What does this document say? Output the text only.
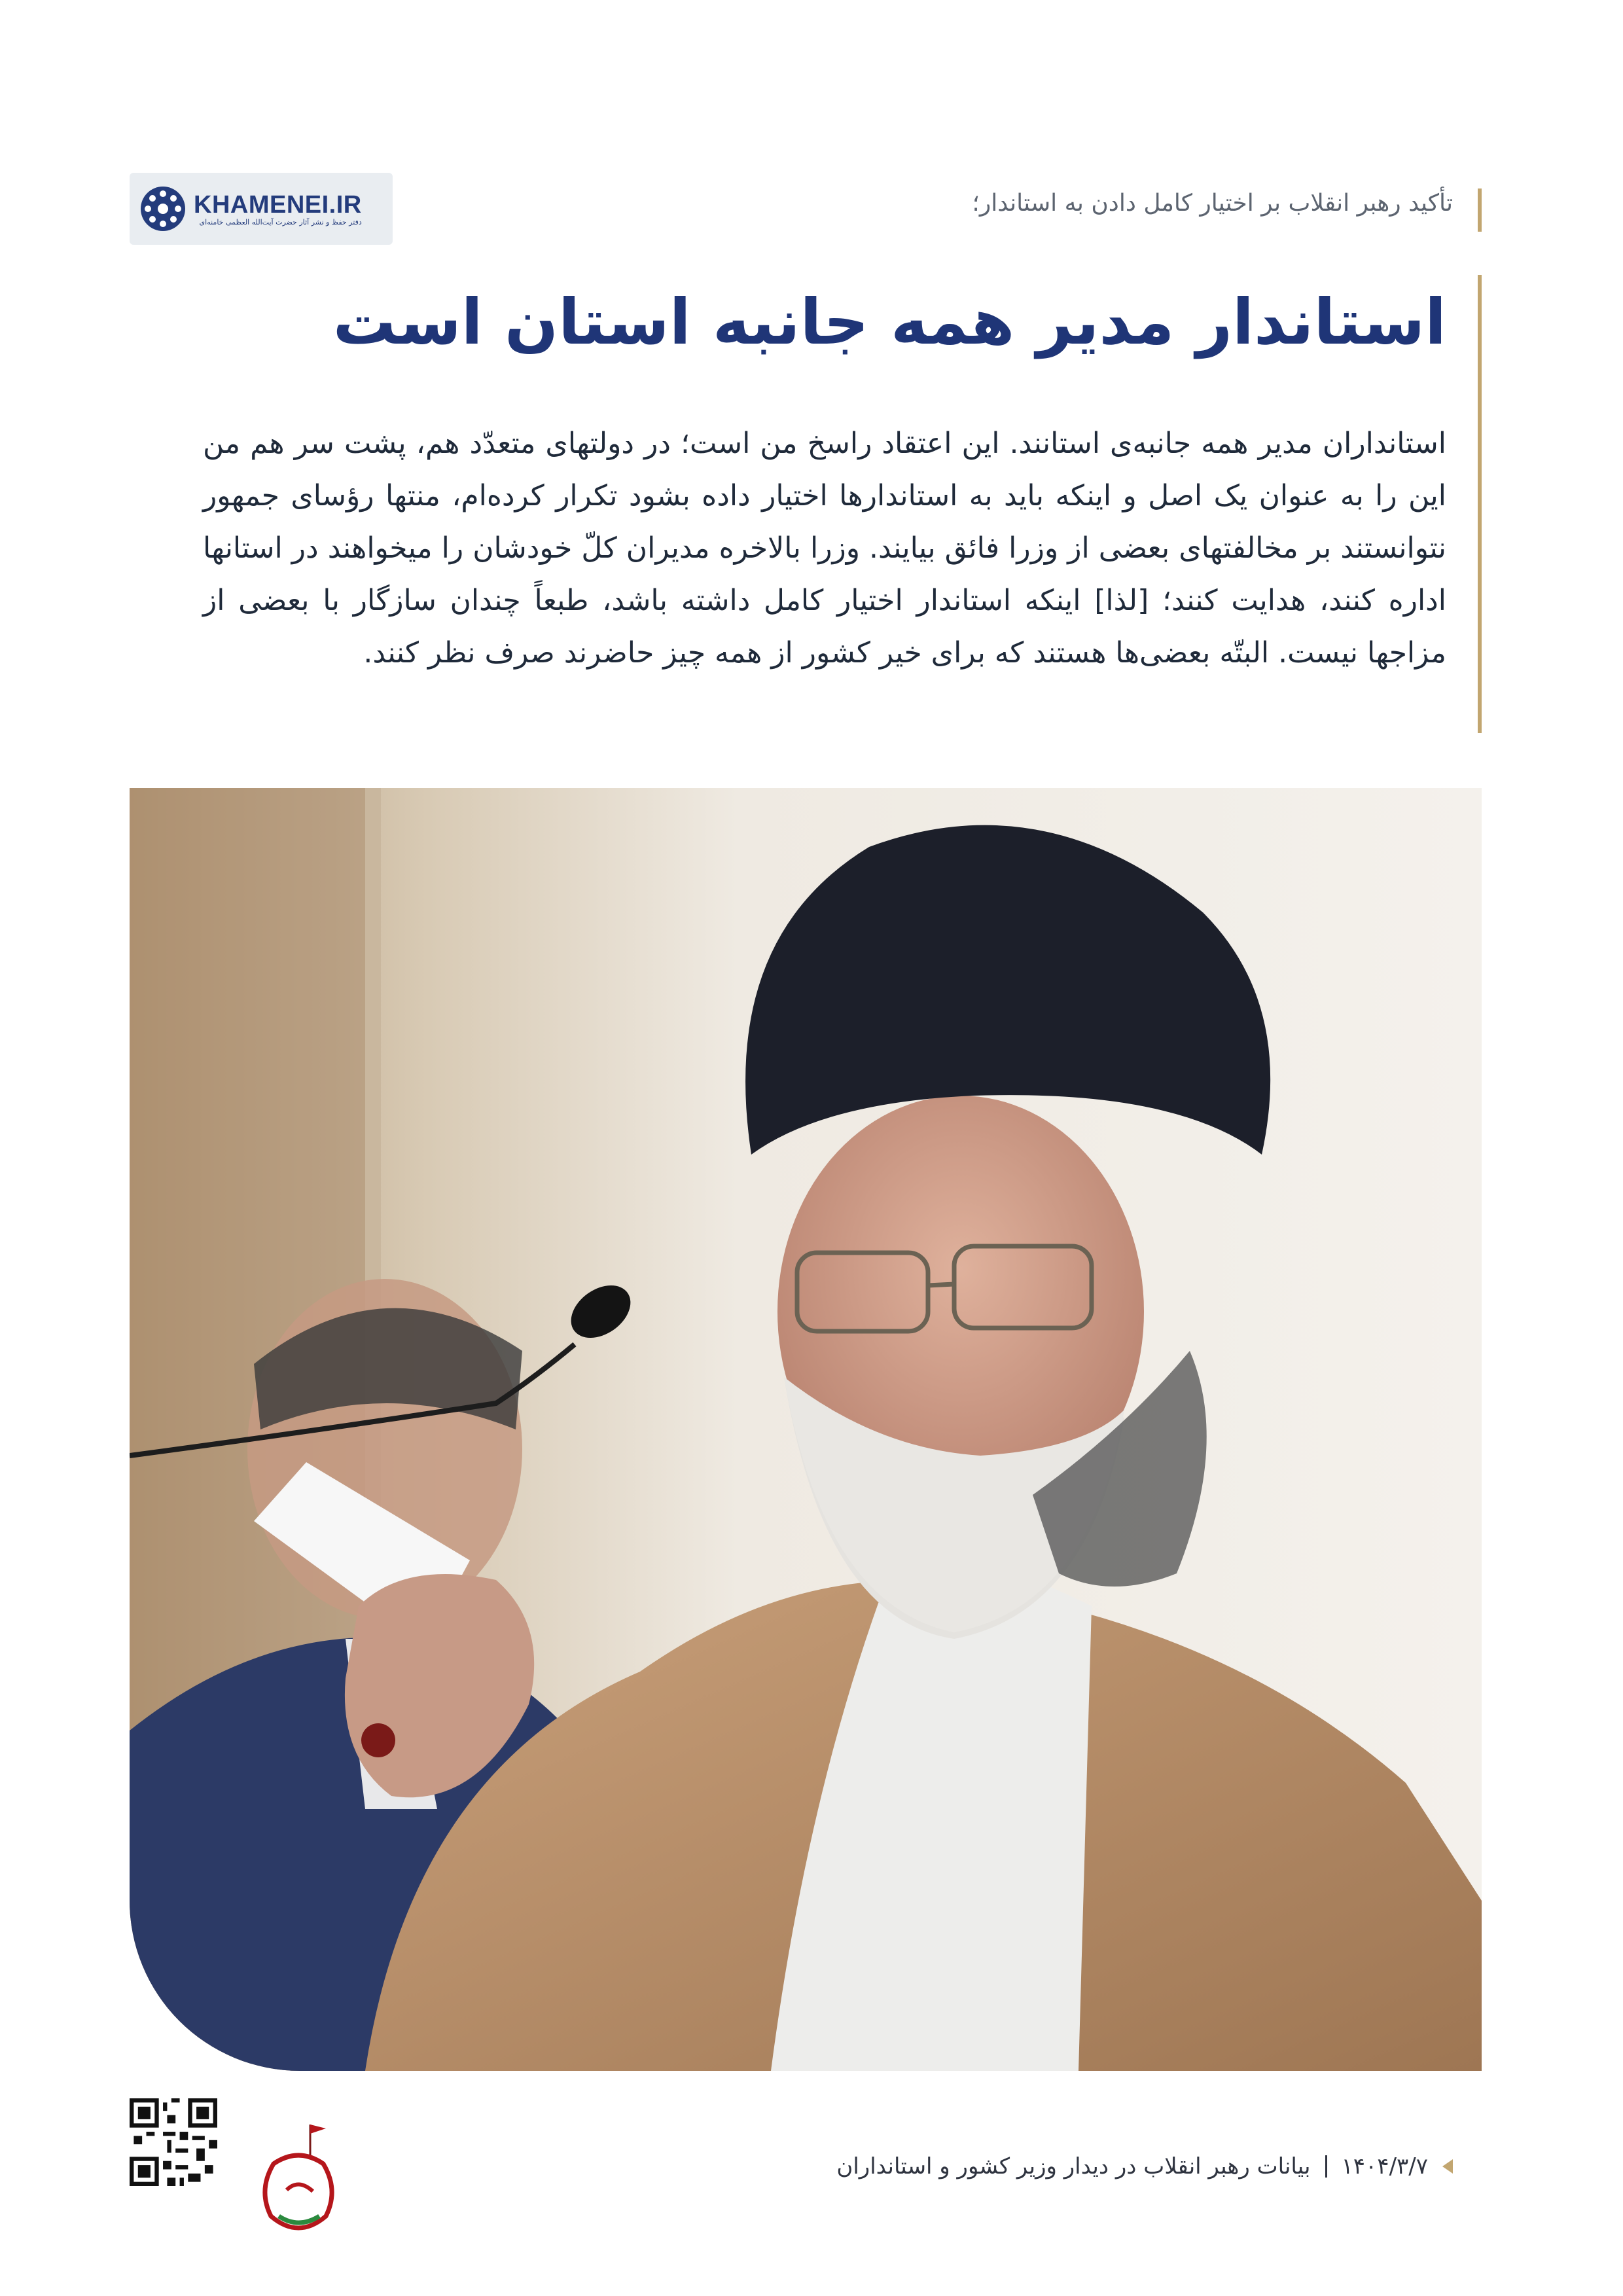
KHAMENEI.IR
دفتر حفظ و نشر آثار حضرت آیت‌الله العظمی خامنه‌ای
تأکید رهبر انقلاب بر اختیار کامل دادن به استاندار؛
استاندار مدیر همه جانبه استان است
استانداران مدیر همه جانبه‌ی استانند. این اعتقاد راسخ من است؛ در دولتهای متعدّد هم، پشت سر هم من این را به عنوان یک اصل و اینکه باید به استاندارها اختیار داده بشود تکرار کرده‌ام، منتها رؤسای جمهور نتوانستند بر مخالفتهای بعضی از وزرا فائق بیایند. وزرا بالاخره مدیران کلّ خودشان را میخواهند در استانها اداره کنند، هدایت کنند؛ [لذا] اینکه استاندار اختیار کامل داشته باشد، طبعاً چندان سازگار با بعضی از مزاجها نیست. البتّه بعضی‌ها هستند که برای خیر کشور از همه چیز حاضرند صرف نظر کنند.
۱۴۰۴/۳/۷
بیانات رهبر انقلاب در دیدار وزیر کشور و استانداران
